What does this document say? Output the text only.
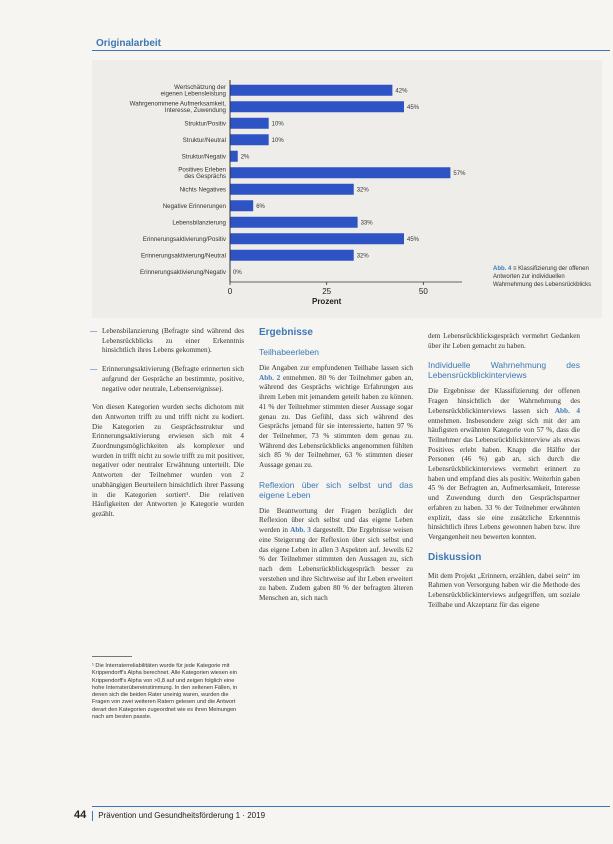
Originalarbeit
Wertschätzung der eigenen Lebensleistung	42%
Wahrgenommene Aufmerksamkeit, Interesse, Zuwendung	45%
Struktur/Positiv	10%
Struktur/Neutral	10%
Struktur/Negativ 2%
Positives Erleben des Gesprächs	57%
Nichts Negatives	32%
Negative Erinnerungen	6%
Lebensbilanzierung	33%
Erinnerungsaktivierung/Positiv	45%
Erinnerungsaktivierung/Neutral	32%
Erinnerungsaktivierung/Negativ 0%
0	25	50
Prozent
Abb. 4 ≡ Klassifizierung der offenen Antworten zur individuellen Wahrnehmung des Lebensrückblicks

— Lebensbilanzierung (Befragte sind während des Lebensrückblicks zu einer Erkenntnis hinsichtlich ihres Lebens gekommen).

— Erinnerungsaktivierung (Befragte erinnerten sich aufgrund der Gespräche an bestimmte, positive, negative oder neutrale, Lebensereignisse).

Von diesen Kategorien wurden sechs dichotom mit den Antworten trifft zu und trifft nicht zu kodiert. Die Kategorien zu Gesprächsstruktur und Erinnerungsaktivierung erwiesen sich mit 4 Zuordnungsmöglichkeiten als komplexer und wurden in trifft nicht zu sowie trifft zu mit positiver, negativer oder neutraler Erwähnung unterteilt. Die Antworten der Teilnehmer wurden von 2 unabhängigen Beurteilern hinsichtlich ihrer Passung in die Kategorien sortiert¹. Die relativen Häufigkeiten der Antworten je Kategorie wurden gezählt.

¹ Die Interraterreliabilitäten wurde für jede Kategorie mit Krippendorff's Alpha berechnet. Alle Kategorien wiesen ein Krippendorff's Alpha von >0,8 auf und zeigen folglich eine hohe Interraterübereinstimmung. In den seltenen Fällen, in denen sich die beiden Rater uneinig waren, wurden die Fragen von zwei weiteren Ratern gelesen und die Antwort derart den Kategorien zugeordnet wie es ihren Meinungen nach am besten passte.
Ergebnisse
Teilhabeerleben

Die Angaben zur empfundenen Teilhabe lassen sich Abb. 2 entnehmen. 80 % der Teilnehmer gaben an, während des Gesprächs wichtige Erfahrungen aus ihrem Leben mit jemandem geteilt haben zu können. 41 % der Teilnehmer stimmten dieser Aussage sogar genau zu. Das Gefühl, dass sich während des Gesprächs jemand für sie interessierte, hatten 97 % der Teilnehmer, 73 % stimmten dem genau zu. Während des Lebensrückblicks angenommen fühlten sich 85 % der Teilnehmer, 63 % stimmten dieser Aussage genau zu.

Reflexion über sich selbst und das eigene Leben

Die Beantwortung der Fragen bezüglich der Reflexion über sich selbst und das eigene Leben werden in Abb. 3 dargestellt. Die Ergebnisse weisen eine Steigerung der Reflexion über sich selbst und das eigene Leben in allen 3 Aspekten auf. Jeweils 62 % der Teilnehmer stimmten den Aussagen zu, sich nach dem Lebensrückblicksgespräch besser zu verstehen und ihre Sichtweise auf ihr Leben erweitert zu haben. Zudem gaben 80 % der befragten älteren Menschen an, sich nach

dem Lebensrückblicksgespräch vermehrt Gedanken über ihr Leben gemacht zu haben.

Individuelle Wahrnehmung des Lebensrückblickinterviews

Die Ergebnisse der Klassifizierung der offenen Fragen hinsichtlich der Wahrnehmung des Lebensrückblickinterviews lassen sich Abb. 4 entnehmen. Insbesondere zeigt sich mit der am häufigsten erwähnten Kategorie von 57 %, dass die Teilnehmer das Lebensrückblickinterview als etwas Positives erlebt haben. Knapp die Hälfte der Personen (46 %) gab an, sich durch die Lebensrückblickinterviews vermehrt erinnert zu haben und empfand dies als positiv. Weiterhin gaben 45 % der Befragten an, Aufmerksamkeit, Interesse und Zuwendung durch den Gesprächspartner erfahren zu haben. 33 % der Teilnehmer erwähnten explizit, dass sie eine zusätzliche Erkenntnis hinsichtlich ihres Lebens gewonnen haben bzw. ihre Vergangenheit neu bewerten konnten.

Diskussion

Mit dem Projekt „Erinnern, erzählen, dabei sein“ im Rahmen von Versorgung haben wir die Methode des Lebensrückblickinterviews aufgegriffen, um soziale Teilhabe und Akzeptanz für das eigene

44 Prävention und Gesundheitsförderung 1 · 2019
